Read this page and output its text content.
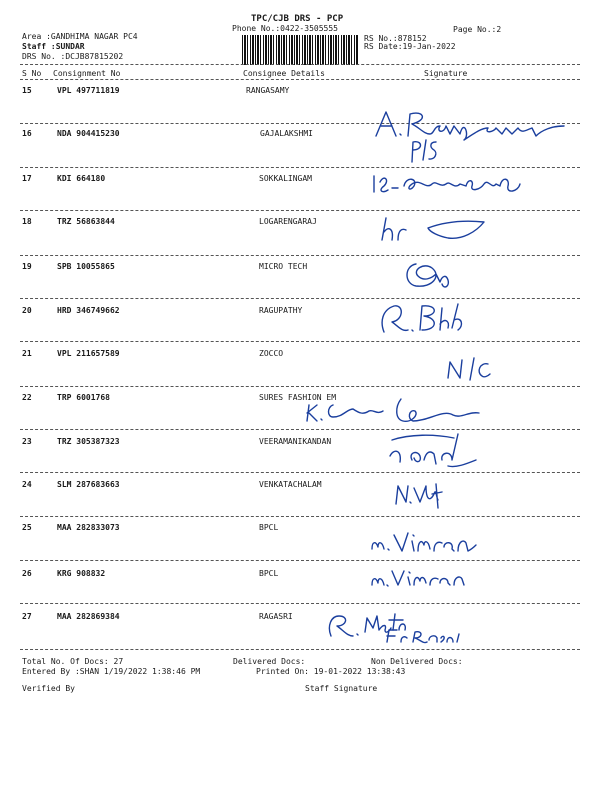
TPC/CJB DRS - PCP
Phone No.:0422-3505555	Page No.:2
Area :GANDHIMA NAGAR PC4
Staff :SUNDAR
DRS No. :DCJB87815202
RS No.:878152
RS Date:19-Jan-2022
S No Consignment No	Consignee Details	Signature
15	VPL 497711819	RANGASAMY
16	NDA 904415230	GAJALAKSHMI
17	KDI 664180	SOKKALINGAM
18	TRZ 56863844	LOGARENGARAJ
19	SPB 10055865	MICRO TECH
20	HRD 346749662	RAGUPATHY
21	VPL 211657589	ZOCCO
22	TRP 6001768	SURES FASHION EM
23	TRZ 305387323	VEERAMANIKANDAN
24	SLM 287683663	VENKATACHALAM
25	MAA 282833073	BPCL
26	KRG 908832	BPCL
27	MAA 282869384	RAGASRI
Total No. Of Docs: 27	Delivered Docs:	Non Delivered Docs:
Entered By :SHAN 1/19/2022 1:38:46 PM	Printed On: 19-01-2022 13:38:43
Verified By	Staff Signature
